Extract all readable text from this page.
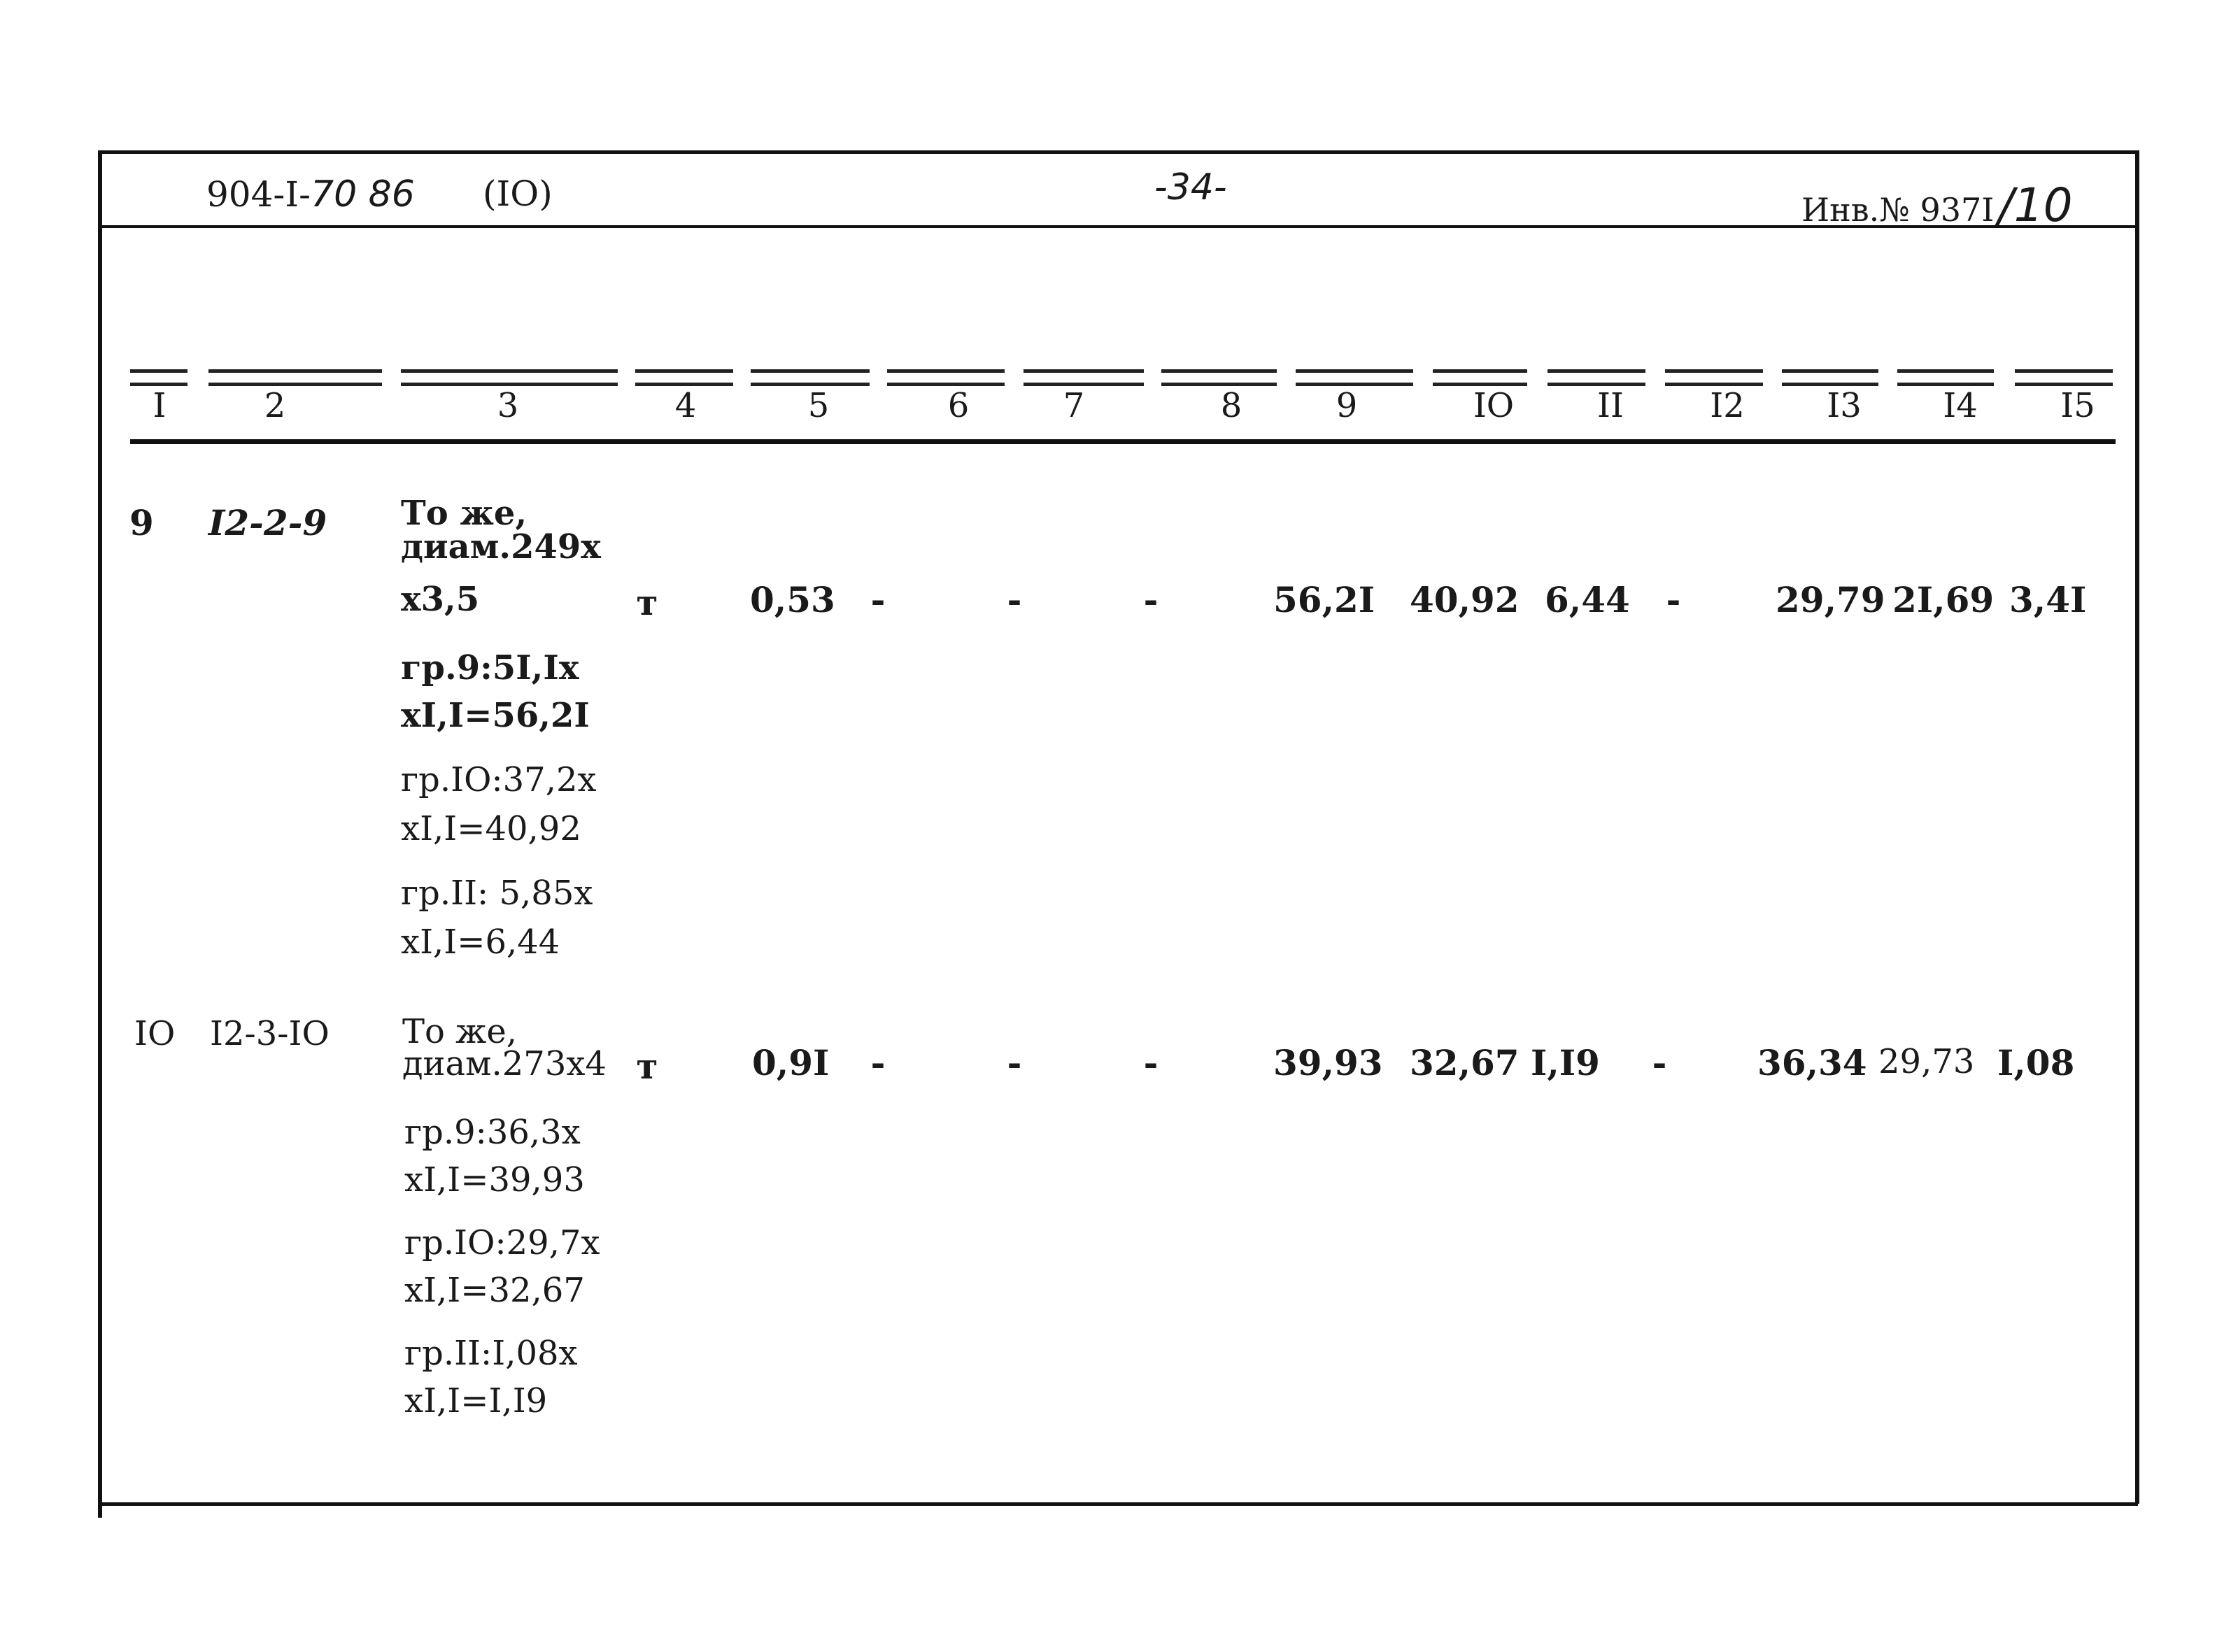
904-I-70 86 (IO)	-34-
Инв.№ 937I/10
I	2	3	4	5	6	7	8	9	IO II	I2 I3 I4 I5
9 I2-2-9 То же,
диам.249х
х3,5	т	0,53 -	-	-	56,2I 40,92 6,44 -	29,79 2I,69 3,4I
гр.9:5I,Iх
хI,I=56,2I
гр.IO:37,2х
хI,I=40,92
гр.II: 5,85х
хI,I=6,44
IO I2-3-IO То же,
диам.273х4 т	0,9I -	-	-	39,93 32,67 I,I9 -	36,34 29,73 I,08
гр.9:36,3х
хI,I=39,93
гр.IO:29,7х
хI,I=32,67
гр.II:I,08х
хI,I=I,I9
